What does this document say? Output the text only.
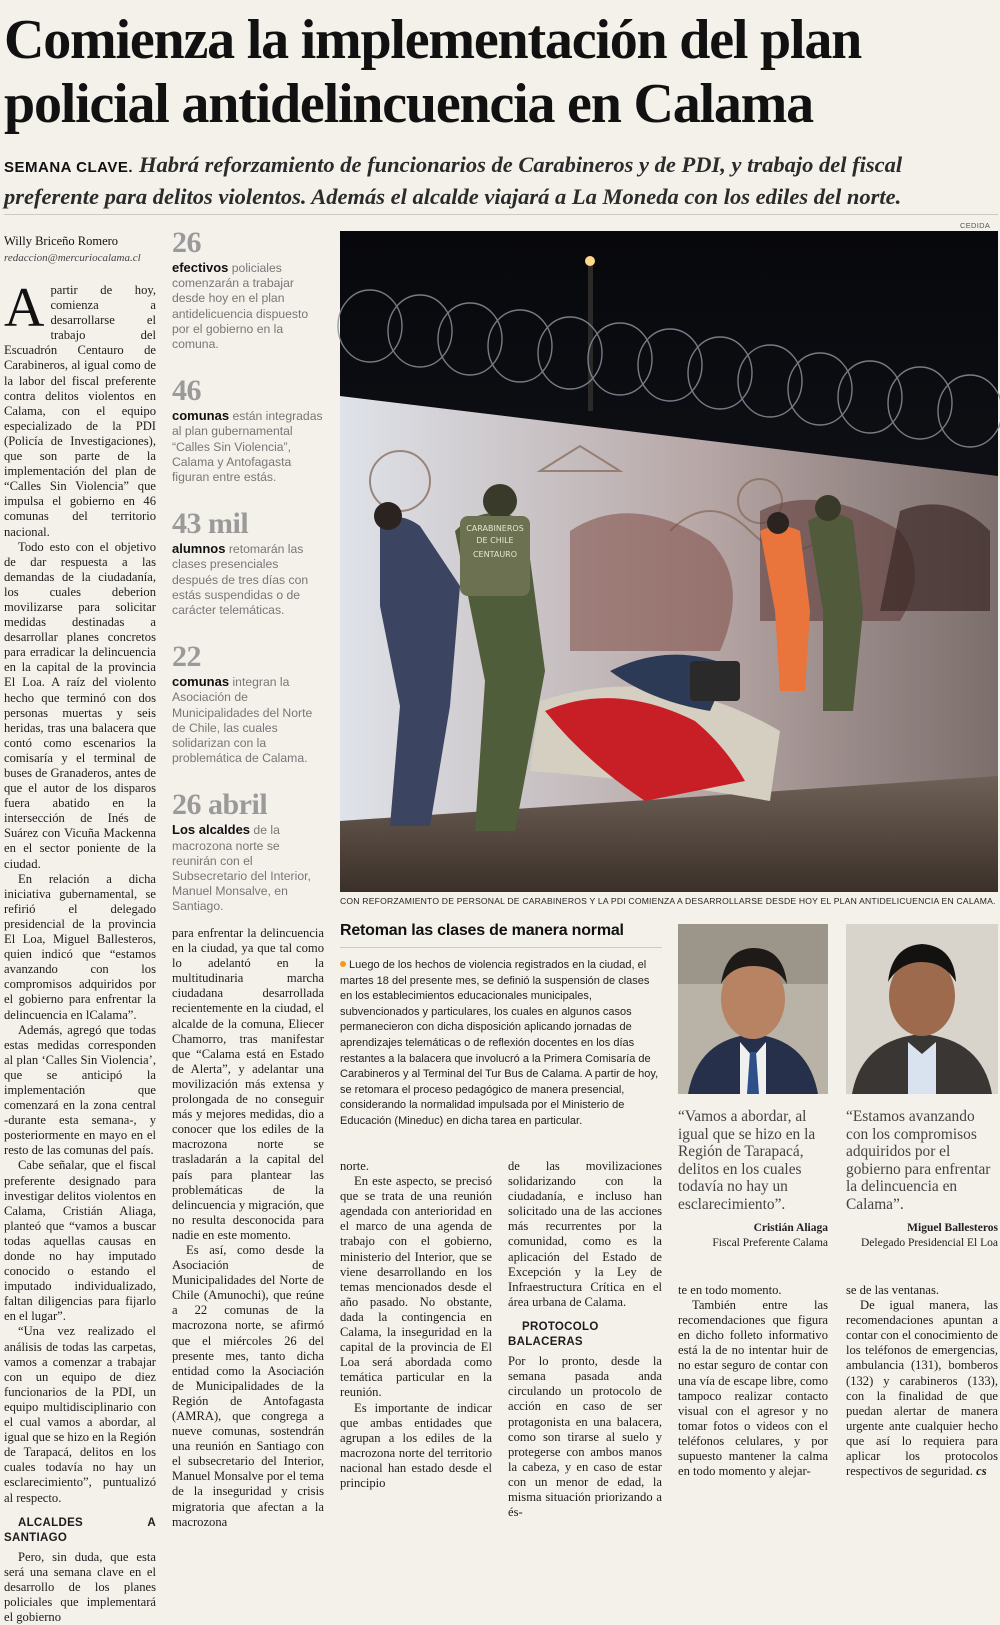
Comienza la implementación del plan policial antidelincuencia en Calama
SEMANA CLAVE. Habrá reforzamiento de funcionarios de Carabineros y de PDI, y trabajo del fiscal preferente para delitos violentos. Además el alcalde viajará a La Moneda con los ediles del norte.
Willy Briceño Romero
redaccion@mercuriocalama.cl

Apartir de hoy, comienza a desarrollarse el trabajo del Escuadrón Centauro de Carabineros, al igual como de la labor del fiscal preferente contra delitos violentos en Calama, con el equipo especializado de la PDI (Policía de Investigaciones), que son parte de la implementación del plan de “Calles Sin Violencia” que impulsa el gobierno en 46 comunas del territorio nacional.

Todo esto con el objetivo de dar respuesta a las demandas de la ciudadanía, los cuales deberion movilizarse para solicitar medidas destinadas a desarrollar planes concretos para erradicar la delincuencia en la capital de la provincia El Loa. A raíz del violento hecho que terminó con dos personas muertas y seis heridas, tras una balacera que contó como escenarios la comisaría y el terminal de buses de Granaderos, antes de que el autor de los disparos fuera abatido en la intersección de Inés de Suárez con Vicuña Mackenna en el sector poniente de la ciudad.

En relación a dicha iniciativa gubernamental, se refirió el delegado presidencial de la provincia El Loa, Miguel Ballesteros, quien indicó que “estamos avanzando con los compromisos adquiridos por el gobierno para enfrentar la delincuencia en lCalama”.

Además, agregó que todas estas medidas corresponden al plan ‘Calles Sin Violencia’, que se anticipó la implementación que comenzará en la zona central -durante esta semana-, y posteriormente en mayo en el resto de las comunas del país.

Cabe señalar, que el fiscal preferente designado para investigar delitos violentos en Calama, Cristián Aliaga, planteó que “vamos a buscar todas aquellas causas en donde no hay imputado conocido o estando el imputado individualizado, faltan diligencias para fijarlo en el lugar”.

“Una vez realizado el análisis de todas las carpetas, vamos a comenzar a trabajar con un equipo de diez funcionarios de la PDI, un equipo multidisciplinario con el cual vamos a abordar, al igual que se hizo en la Región de Tarapacá, delitos en los cuales todavía no hay un esclarecimiento”, puntualizó al respecto.

ALCALDES A SANTIAGO

Pero, sin duda, que esta será una semana clave en el desarrollo de los planes policiales que implementará el gobierno

26
efectivos policiales comenzarán a trabajar desde hoy en el plan antidelicuencia dispuesto por el gobierno en la comuna.
46
comunas están integradas al plan gubernamental “Calles Sin Violencia”, Calama y Antofagasta figuran entre estás.
43 mil
alumnos retomarán las clases presenciales después de tres días con estás suspendidas o de carácter telemáticas.
22
comunas integran la Asociación de Municipalidades del Norte de Chile, las cuales solidarizan con la problemática de Calama.
26 abril
Los alcaldes de la macrozona norte se reunirán con el Subsecretario del Interior, Manuel Monsalve, en Santiago.

para enfrentar la delincuencia en la ciudad, ya que tal como lo adelantó en la multitudinaria marcha ciudadana desarrollada recientemente en la ciudad, el alcalde de la comuna, Eliecer Chamorro, tras manifestar que “Calama está en Estado de Alerta”, y adelantar una movilización más extensa y prolongada de no conseguir más y mejores medidas, dio a conocer que los ediles de la macrozona norte se trasladarán a la capital del país para plantear las problemáticas de la delincuencia y migración, que no resulta desconocida para nadie en este momento.

Es así, como desde la Asociación de Municipalidades del Norte de Chile (Amunochi), que reúne a 22 comunas de la macrozona norte, se afirmó que el miércoles 26 del presente mes, tanto dicha entidad como la Asociación de Municipalidades de la Región de Antofagasta (AMRA), que congrega a nueve comunas, sostendrán una reunión en Santiago con el subsecretario del Interior, Manuel Monsalve por el tema de la inseguridad y crisis migratoria que afectan a la macrozona

CEDIDA
CARABINEROS
DE CHILE
CENTAURO
CON REFORZAMIENTO DE PERSONAL DE CARABINEROS Y LA PDI COMIENZA A DESARROLLARSE DESDE HOY EL PLAN ANTIDELICUENCIA EN CALAMA.
Retoman las clases de manera normal
Luego de los hechos de violencia registrados en la ciudad, el martes 18 del presente mes, se definió la suspensión de clases en los establecimientos educacionales municipales, subvencionados y particulares, los cuales en algunos casos permanecieron con dicha disposición aplicando jornadas de aprendizajes telemáticas o de reflexión docentes en los días restantes a la balacera que involucró a la Primera Comisaría de Carabineros y al Terminal del Tur Bus de Calama. A partir de hoy, se retomara el proceso pedagógico de manera presencial, considerando la normalidad impulsada por el Ministerio de Educación (Mineduc) en dicha tarea en particular.	“Vamos a abordar, al igual que se hizo en la Región de Tarapacá, delitos en los cuales todavía no hay un esclarecimiento”.
Cristián Aliaga
Fiscal Preferente Calama
“Estamos avanzando con los compromisos adquiridos por el gobierno para enfrentar la delincuencia en Calama”.
Miguel Ballesteros
Delegado Presidencial El Loa

norte.

En este aspecto, se precisó que se trata de una reunión agendada con anterioridad en el marco de una agenda de trabajo con el gobierno, ministerio del Interior, que se viene desarrollando en los temas mencionados desde el año pasado. No obstante, dada la contingencia en Calama, la inseguridad en la capital de la provincia de El Loa será abordada como temática particular en la reunión.

Es importante de indicar que ambas entidades que agrupan a los ediles de la macrozona norte del territorio nacional han estado desde el principio

de las movilizaciones solidarizando con la ciudadanía, e incluso han solicitado una de las acciones más recurrentes por la comunidad, como es la aplicación del Estado de Excepción y la Ley de Infraestructura Crítica en el área urbana de Calama.

PROTOCOLO BALACERAS

Por lo pronto, desde la semana pasada anda circulando un protocolo de acción en caso de ser protagonista en una balacera, como son tirarse al suelo y protegerse con ambos manos la cabeza, y en caso de estar con un menor de edad, la misma situación priorizando a és-

te en todo momento.

También entre las recomendaciones que figura en dicho folleto informativo está la de no intentar huir de no estar seguro de contar con una vía de escape libre, como tampoco realizar contacto visual con el agresor y no tomar fotos o videos con el teléfonos celulares, y por supuesto mantener la calma en todo momento y alejar-

se de las ventanas.

De igual manera, las recomendaciones apuntan a contar con el conocimiento de los teléfonos de emergencias, ambulancia (131), bomberos (132) y carabineros (133), con la finalidad de que puedan alertar de manera urgente ante cualquier hecho que así lo requiera para aplicar los protocolos respectivos de seguridad. cs
